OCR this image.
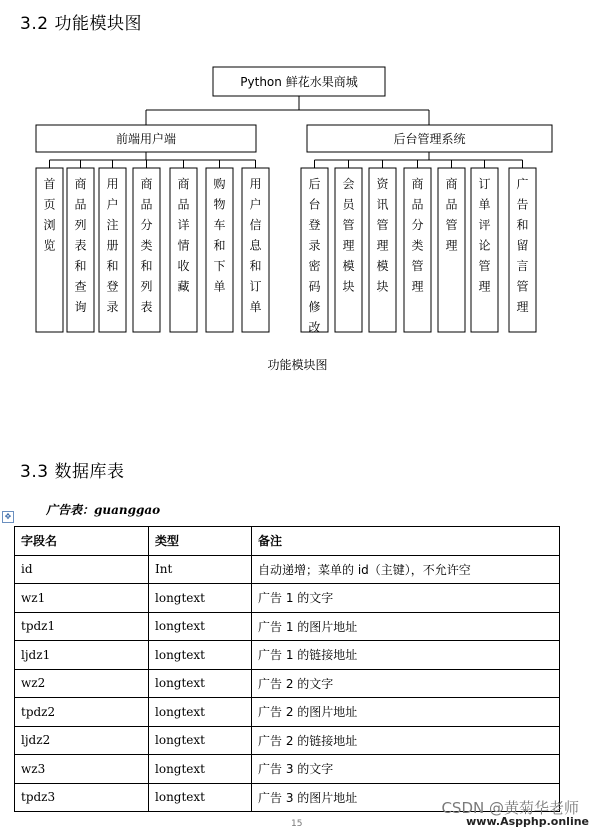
3.2 功能模块图
Python 鲜花水果商城
前端用户端
首页浏览
商品列表和查询
用户注册和登录
商品分类和列表
商品详情收藏
购物车和下单
用户信息和订单
后台管理系统
后台登录密码修改
会员管理模块
资讯管理模块
商品分类管理
商品管理
订单评论管理
广告和留言管理
功能模块图
3.3 数据库表
✥	广告表：guanggao
字段名	类型	备注
id	Int	自动递增；菜单的 id（主键），不允许空
wz1	longtext	广告 1 的文字
tpdz1	longtext	广告 1 的图片地址
ljdz1	longtext	广告 1 的链接地址
wz2	longtext	广告 2 的文字
tpdz2	longtext	广告 2 的图片地址
ljdz2	longtext	广告 2 的链接地址
wz3	longtext	广告 3 的文字
tpdz3	longtext	广告 3 的图片地址
15
CSDN @黄菊华老师
www.Aspphp.online
